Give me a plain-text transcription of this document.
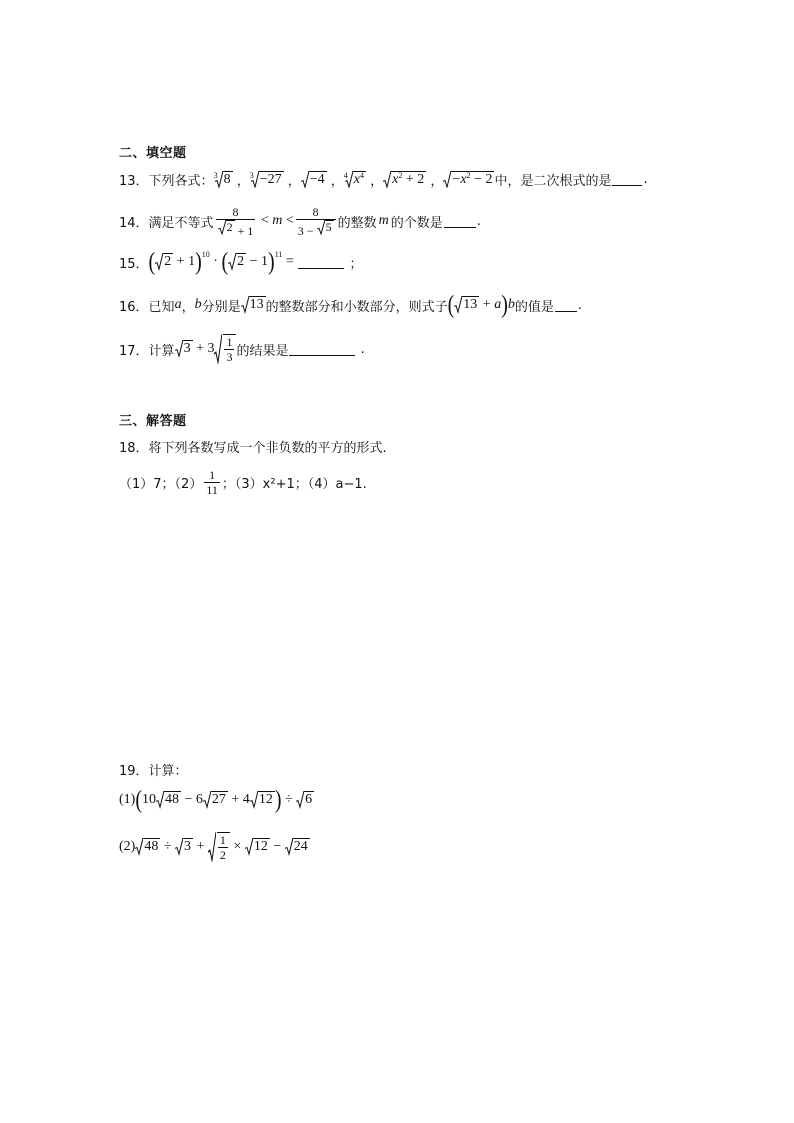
二、填空题
13． 下列各式： 3 8 ， 3 −27 ， −4 ， 4 $x^4$ ， $x^2 + 2$ ， $-x^2 - 2$ 中，是二次根式的是 .
14． 满足不等式 $\frac{8}{2 + 1} < m < \frac{8}{3 - 5}$ 的整数 m 的个数是	.
15． ( 2 + 1 ) 10 · ( 2 − 1 ) 11 =	；
16． 已知 a ， b 分别是 13 的整数部分和小数部分，则式子 ( 13 + a ) b 的值是 .
17． 计算 $3 + 3 \frac{1}{3}$ 的结果是	.
三、解答题
18． 将下列各数写成一个非负数的平方的形式.
（1）7；$(2) \frac{1}{11}$ ；（3）x²+1；（4）a−1.
19． 计算：
(1) ( 10 48 − 6 27 + 4 12 ) ÷ 6
(2) $48 \div 3 + \frac{1}{2} \times 12 - 24$
